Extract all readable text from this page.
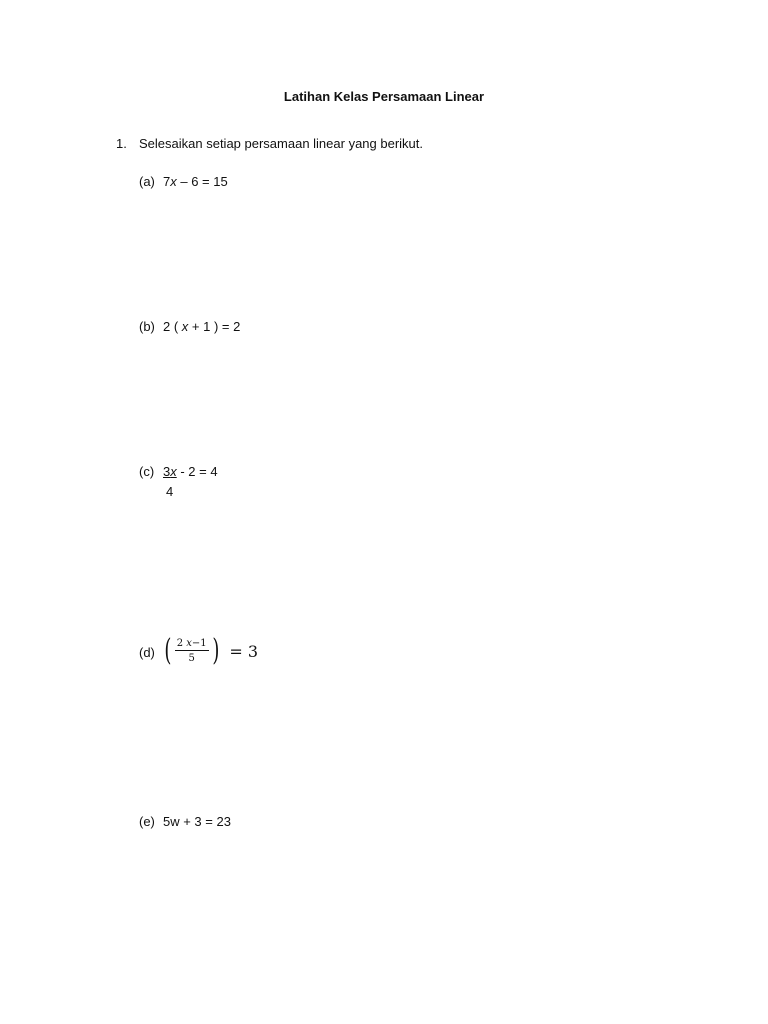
Latihan Kelas Persamaan Linear
1. Selesaikan setiap persamaan linear yang berikut.
(a) 7x – 6 = 15
(b) 2 ( x + 1 ) = 2
(c) 3x - 2 = 4
4
(d) ( $\frac{2 x-1}{5}$ ) = 3
(e) 5w + 3 = 23
